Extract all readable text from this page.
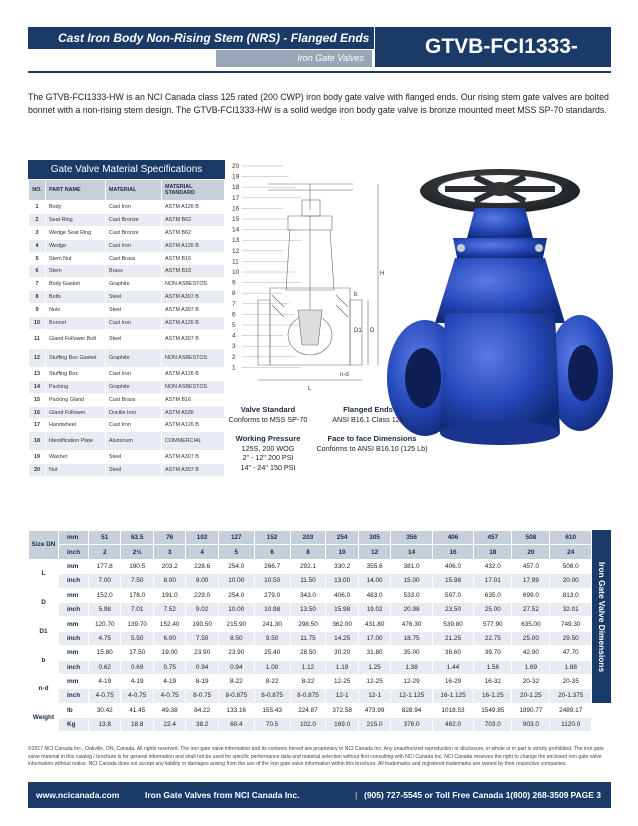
Cast Iron Body Non-Rising Stem (NRS) - Flanged Ends
Iron Gate Valves	GTVB-FCI1333-HW

The GTVB-FCI1333-HW is an NCI Canada class 125 rated (200 CWP) iron body gate valve with flanged ends. Our rising stem gate valves are bolted bonnet with a non-rising stem design. The GTVB-FCI1333-HW is a solid wedge iron body gate valve is bronze mounted meet MSS SP-70 standards.

Gate Valve Material Specifications
NO.	PART NAME	MATERIAL	MATERIAL STANDARD
1	Body	Cast Iron	ASTM A126 B
2	Seat Ring	Cast Bronze	ASTM B62
3	Wedge Seat Ring	Cast Bronze	ASTM B62
4	Wedge	Cast Iron	ASTM A126 B
5	Stem Nut	Cast Brass	ASTM B16
6	Stem	Brass	ASTM B16
7	Body Gasket	Graphite	NON ASBESTOS
8	Bolts	Steel	ASTM A307 B
9	Nuts	Steel	ASTM A307 B
10	Bonnet	Cast Iron	ASTM A126 B
11	Gland Follower Bolt	Steel	ASTM A307 B
12	Stuffing Box Gasket	Graphite	NON ASBESTOS
13	Stuffing Box	Cast Iron	ASTM A126 B
14	Packing	Graphite	NON ASBESTOS
15	Packing Gland	Cast Brass	ASTM B16
16	Gland Follower	Ductile Iron	ASTM A536
17	Handwheel	Cast Iron	ASTM A126 B
18	Identification Plate	Aluminum	COMMERCIAL
19	Washer	Steel	ASTM A307 B
20	Nut	Steel	ASTM A307 B
20
19
18
17
16
15
14
13
12
11
10
9
8
7
6
5
4
3
2
1
H
D1 D
L
n-d
b
Valve Standard
Conforms to MSS SP-70
Flanged Ends
ANSI B16.1 Class 125
Working Pressure
125S, 200 WOG
2" - 12" 200 PSI
14" - 24" 150 PSI
Face to face Dimensions
Conforms to ANSI B16.10 (125 Lb)
Size DN	mm	51	63.5	76	102	127	152	203	254	305	356	406	457	508	610
	inch	2	2½	3	4	5	6	8	10	12	14	16	18	20	24
L	mm	177.8	190.5	203.2	228.6	254.0	266.7	292.1	330.2	355.6	381.0	406.0	432.0	457.0	508.0
	inch	7.00	7.50	8.00	9.00	10.00	10.50	11.50	13.00	14.00	15.00	15.98	17.01	17.99	20.00
D	mm	152.0	178.0	191.0	229.0	254.0	279.0	343.0	406.0	483.0	533.0	597.0	635.0	699.0	813.0
	inch	5.98	7.01	7.52	9.02	10.00	10.98	13.50	15.98	19.02	20.98	23.50	25.00	27.52	32.01
D1	mm	120.70	139.70	152.40	190.50	215.90	241.30	298.50	362.00	431.80	476.30	539.80	577.90	635.00	749.30
	inch	4.75	5.50	6.00	7.50	8.50	9.50	11.75	14.25	17.00	18.75	21.25	22.75	25.00	29.50
b	mm	15.80	17.50	19.00	23.90	23.90	25.40	28.50	30.20	31.80	35.00	36.60	39.70	42.90	47.70
	inch	0.62	0.69	0.75	0.94	0.94	1.00	1.12	1.19	1.25	1.38	1.44	1.56	1.69	1.88
n-d	mm	4-19	4-19	4-19	8-19	8-22	8-22	8-22	12-25	12-25	12-29	16-29	16-32	20-32	20-35
	inch	4-0.75	4-0.75	4-0.75	8-0.75	8-0.875	8-0.875	8-0.875	12-1	12-1	12-1.125	16-1.125	16-1.25	20-1.25	20-1.375
Weight	lb	30.42	41.45	49.38	84.22	133.16	155.43	224.87	372.58	473.99	828.94	1018.53	1549.85	1990.77	2489.17
	Kg	13.8	18.8	22.4	38.2	60.4	70.5	102.0	169.0	215.0	376.0	462.0	703.0	903.0	1120.0
Iron Gate Valve Dimensions

©2017 NCI Canada Inc., Oakville, ON, Canada. All rights reserved. The iron gate valve information and its contents hereof are proprietary to NCI Canada Inc. Any unauthorized reproduction or disclosure, in whole or in part is strictly prohibited. The iron gate valve material in this catalog / brochure is for general information and shall not be used for specific performance data and material selection without first consulting with NCI Canada Inc. NCI Canada reserves the right to change the enclosed iron gate valve information without notice. NCI Canada does not accept any liability or damages arising from the use of the iron gate valve information within this brochure. All trademarks and registered trademarks are owned by their respective companies.

www.ncicanada.com	Iron Gate Valves from NCI Canada Inc.	| (905) 727-5545 or Toll Free Canada 1(800) 268-3509 PAGE 3
